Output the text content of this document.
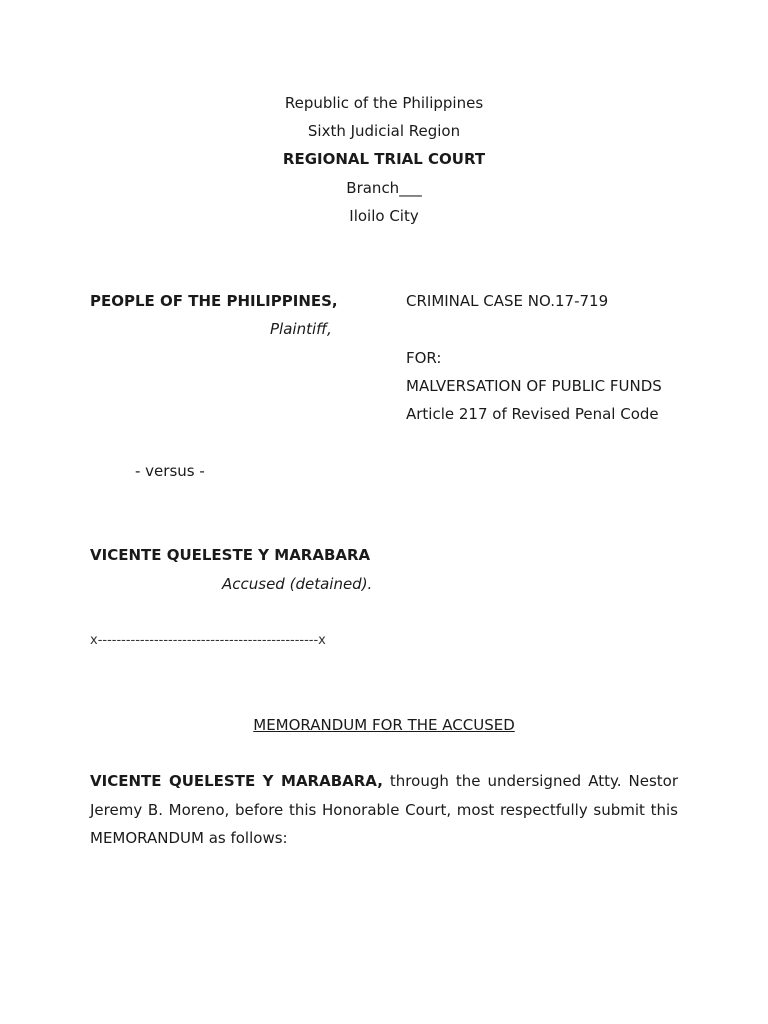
Republic of the Philippines
Sixth Judicial Region
REGIONAL TRIAL COURT
Branch___
Iloilo City
PEOPLE OF THE PHILIPPINES,
Plaintiff,
CRIMINAL CASE NO.17-719
FOR:
MALVERSATION OF PUBLIC FUNDS
Article 217 of Revised Penal Code
- versus -
VICENTE QUELESTE Y MARABARA
Accused (detained).
x-----------------------------------------------x
MEMORANDUM FOR THE ACCUSED
VICENTE QUELESTE Y MARABARA, through the undersigned Atty. Nestor
Jeremy B. Moreno, before this Honorable Court, most respectfully submit this
MEMORANDUM as follows:
